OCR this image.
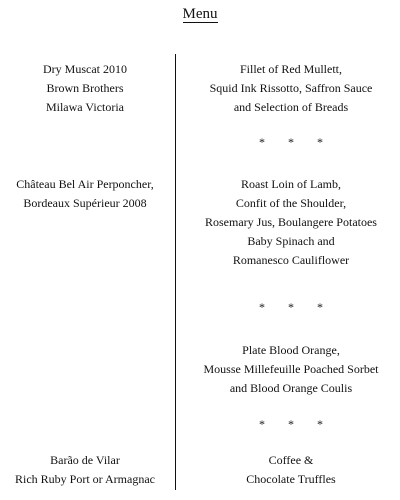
Menu
Dry Muscat 2010
Brown Brothers
Milawa Victoria
Château Bel Air Perponcher,
Bordeaux Supérieur 2008
Barão de Vilar
Rich Ruby Port or Armagnac
Fillet of Red Mullett,
Squid Ink Rissotto, Saffron Sauce
and Selection of Breads
* * *
Roast Loin of Lamb,
Confit of the Shoulder,
Rosemary Jus, Boulangere Potatoes
Baby Spinach and
Romanesco Cauliflower
* * *
Plate Blood Orange,
Mousse Millefeuille Poached Sorbet
and Blood Orange Coulis
* * *
Coffee &
Chocolate Truffles
